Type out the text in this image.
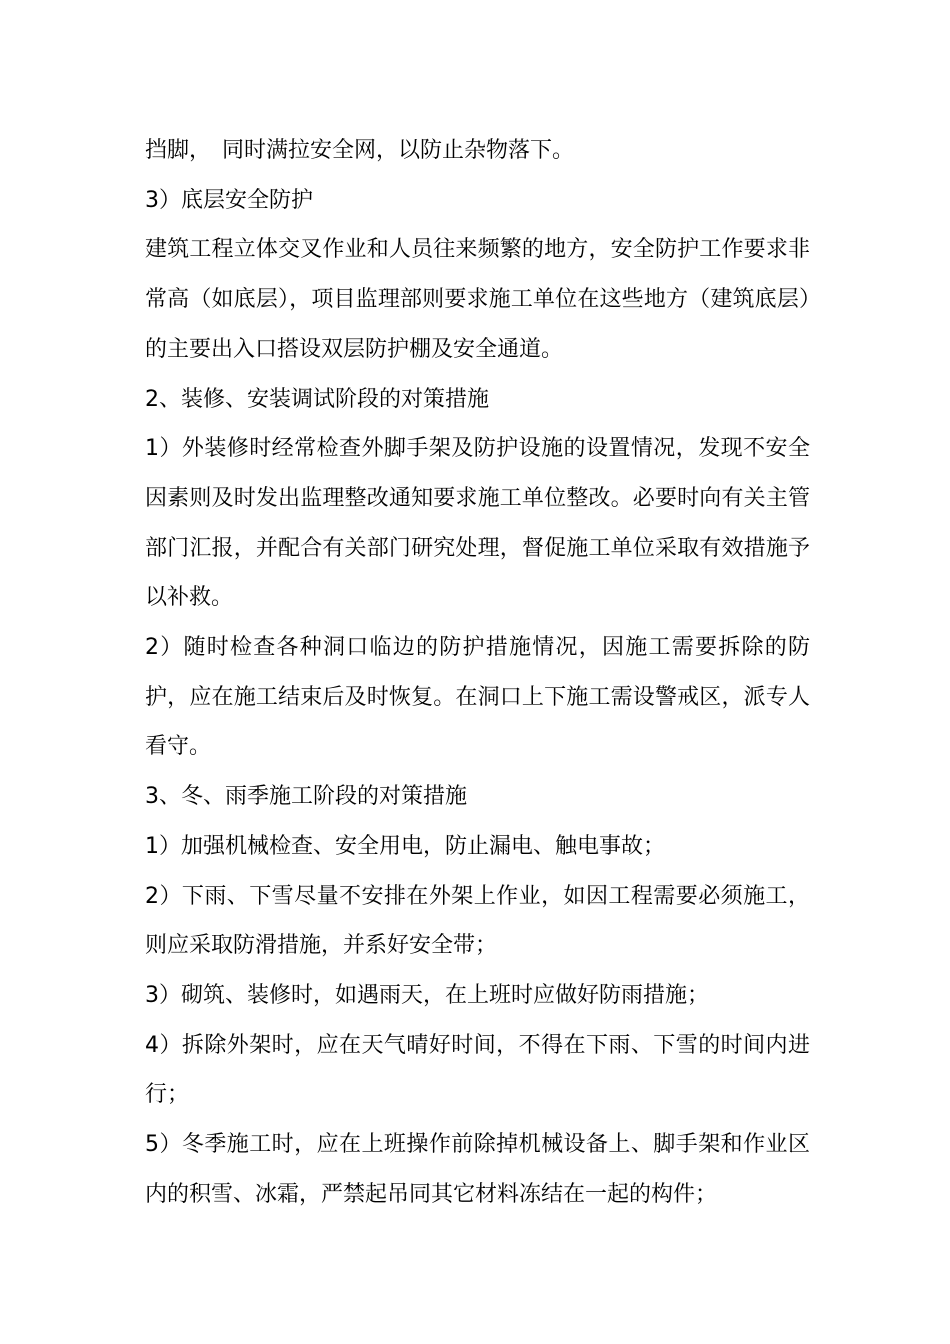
挡脚，　同时满拉安全网，以防止杂物落下。

3）底层安全防护

建筑工程立体交叉作业和人员往来频繁的地方，安全防护工作要求非常高（如底层），项目监理部则要求施工单位在这些地方（建筑底层）的主要出入口搭设双层防护棚及安全通道。

2、装修、安装调试阶段的对策措施

1）外装修时经常检查外脚手架及防护设施的设置情况，发现不安全因素则及时发出监理整改通知要求施工单位整改。必要时向有关主管部门汇报，并配合有关部门研究处理，督促施工单位采取有效措施予以补救。

2）随时检查各种洞口临边的防护措施情况，因施工需要拆除的防护，应在施工结束后及时恢复。在洞口上下施工需设警戒区，派专人看守。

3、冬、雨季施工阶段的对策措施

1）加强机械检查、安全用电，防止漏电、触电事故；

2）下雨、下雪尽量不安排在外架上作业，如因工程需要必须施工，则应采取防滑措施，并系好安全带；

3）砌筑、装修时，如遇雨天，在上班时应做好防雨措施；

4）拆除外架时，应在天气晴好时间，不得在下雨、下雪的时间内进行；

5）冬季施工时，应在上班操作前除掉机械设备上、脚手架和作业区内的积雪、冰霜，严禁起吊同其它材料冻结在一起的构件；
